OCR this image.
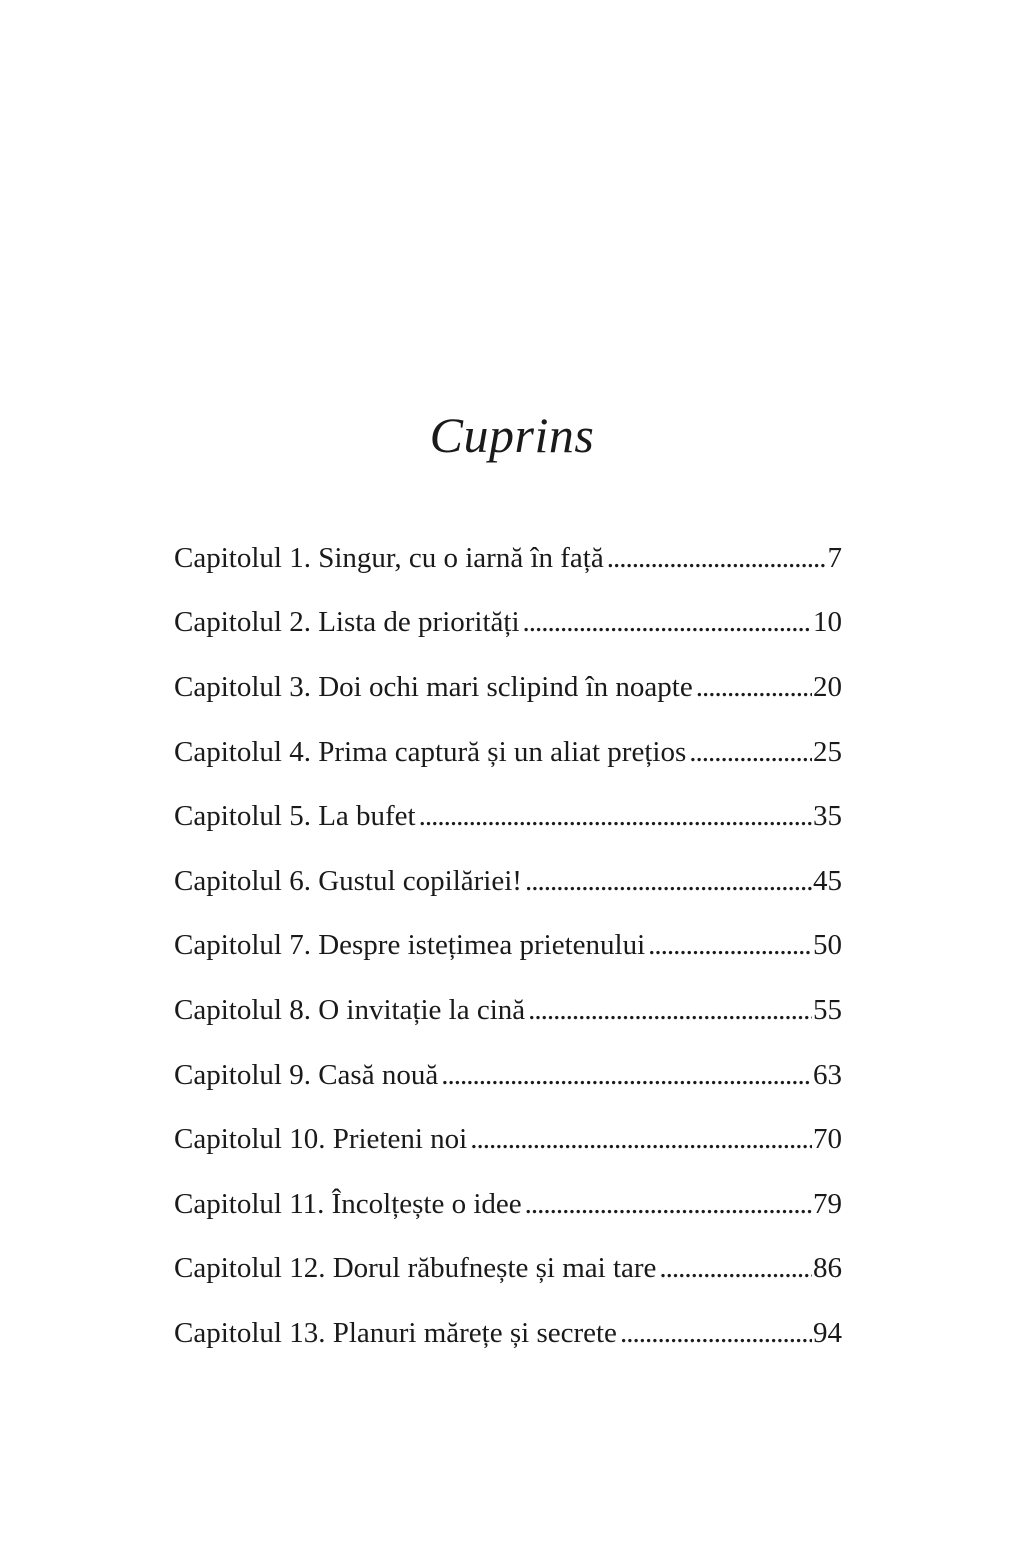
Cuprins
Capitolul 1. Singur, cu o iarnă în față .....	7
Capitolul 2. Lista de priorități .....	10
Capitolul 3. Doi ochi mari sclipind în noapte .....	20
Capitolul 4. Prima captură și un aliat prețios .....	25
Capitolul 5. La bufet .....	35
Capitolul 6. Gustul copilăriei! .....	45
Capitolul 7. Despre istețimea prietenului .....	50
Capitolul 8. O invitație la cină .....	55
Capitolul 9. Casă nouă .....	63
Capitolul 10. Prieteni noi .....	70
Capitolul 11. Încolțește o idee .....	79
Capitolul 12. Dorul răbufnește și mai tare .....	86
Capitolul 13. Planuri mărețe și secrete .....	94
